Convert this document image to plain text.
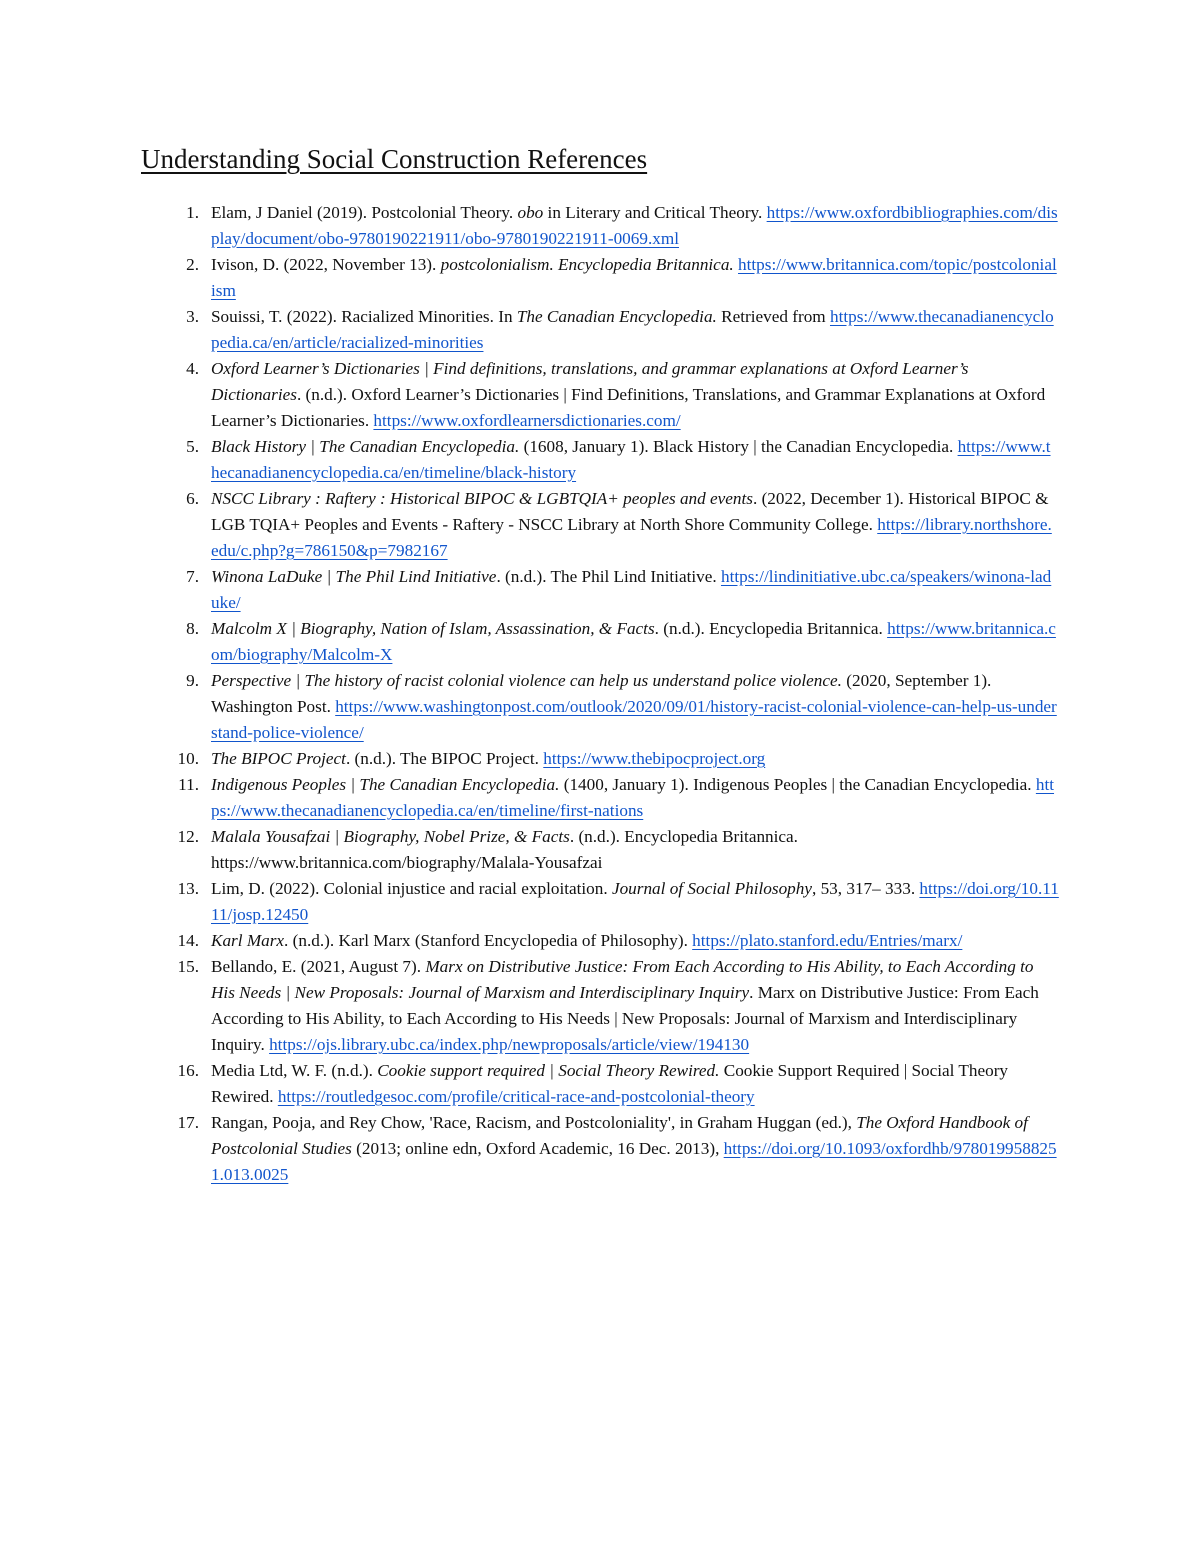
Understanding Social Construction References
1. Elam, J Daniel (2019). Postcolonial Theory. obo in Literary and Critical Theory. https://www.oxfordbibliographies.com/display/document/obo-9780190221911/obo-9780190221911-0069.xml
2. Ivison, D. (2022, November 13). postcolonialism. Encyclopedia Britannica. https://www.britannica.com/topic/postcolonialism
3. Souissi, T. (2022). Racialized Minorities. In The Canadian Encyclopedia. Retrieved from https://www.thecanadianencyclopedia.ca/en/article/racialized-minorities
4. Oxford Learner’s Dictionaries | Find definitions, translations, and grammar explanations at Oxford Learner’s Dictionaries. (n.d.). Oxford Learner’s Dictionaries | Find Definitions, Translations, and Grammar Explanations at Oxford Learner’s Dictionaries. https://www.oxfordlearnersdictionaries.com/
5. Black History | The Canadian Encyclopedia. (1608, January 1). Black History | the Canadian Encyclopedia. https://www.thecanadianencyclopedia.ca/en/timeline/black-history
6. NSCC Library : Raftery : Historical BIPOC & LGBTQIA+ peoples and events. (2022, December 1). Historical BIPOC & LGB TQIA+ Peoples and Events - Raftery - NSCC Library at North Shore Community College. https://library.northshore.edu/c.php?g=786150&p=7982167
7. Winona LaDuke | The Phil Lind Initiative. (n.d.). The Phil Lind Initiative. https://lindinitiative.ubc.ca/speakers/winona-laduke/
8. Malcolm X | Biography, Nation of Islam, Assassination, & Facts. (n.d.). Encyclopedia Britannica. https://www.britannica.com/biography/Malcolm-X
9. Perspective | The history of racist colonial violence can help us understand police violence. (2020, September 1). Washington Post. https://www.washingtonpost.com/outlook/2020/09/01/history-racist-colonial-violence-can-help-us-understand-police-violence/
10. The BIPOC Project. (n.d.). The BIPOC Project. https://www.thebipocproject.org
11. Indigenous Peoples | The Canadian Encyclopedia. (1400, January 1). Indigenous Peoples | the Canadian Encyclopedia. https://www.thecanadianencyclopedia.ca/en/timeline/first-nations
12. Malala Yousafzai | Biography, Nobel Prize, & Facts. (n.d.). Encyclopedia Britannica. https://www.britannica.com/biography/Malala-Yousafzai
13. Lim, D. (2022). Colonial injustice and racial exploitation. Journal of Social Philosophy, 53, 317– 333. https://doi.org/10.1111/josp.12450
14. Karl Marx. (n.d.). Karl Marx (Stanford Encyclopedia of Philosophy). https://plato.stanford.edu/Entries/marx/
15. Bellando, E. (2021, August 7). Marx on Distributive Justice: From Each According to His Ability, to Each According to His Needs | New Proposals: Journal of Marxism and Interdisciplinary Inquiry. Marx on Distributive Justice: From Each According to His Ability, to Each According to His Needs | New Proposals: Journal of Marxism and Interdisciplinary Inquiry. https://ojs.library.ubc.ca/index.php/newproposals/article/view/194130
16. Media Ltd, W. F. (n.d.). Cookie support required | Social Theory Rewired. Cookie Support Required | Social Theory Rewired. https://routledgesoc.com/profile/critical-race-and-postcolonial-theory
17. Rangan, Pooja, and Rey Chow, 'Race, Racism, and Postcoloniality', in Graham Huggan (ed.), The Oxford Handbook of Postcolonial Studies (2013; online edn, Oxford Academic, 16 Dec. 2013), https://doi.org/10.1093/oxfordhb/9780199588251.013.0025
